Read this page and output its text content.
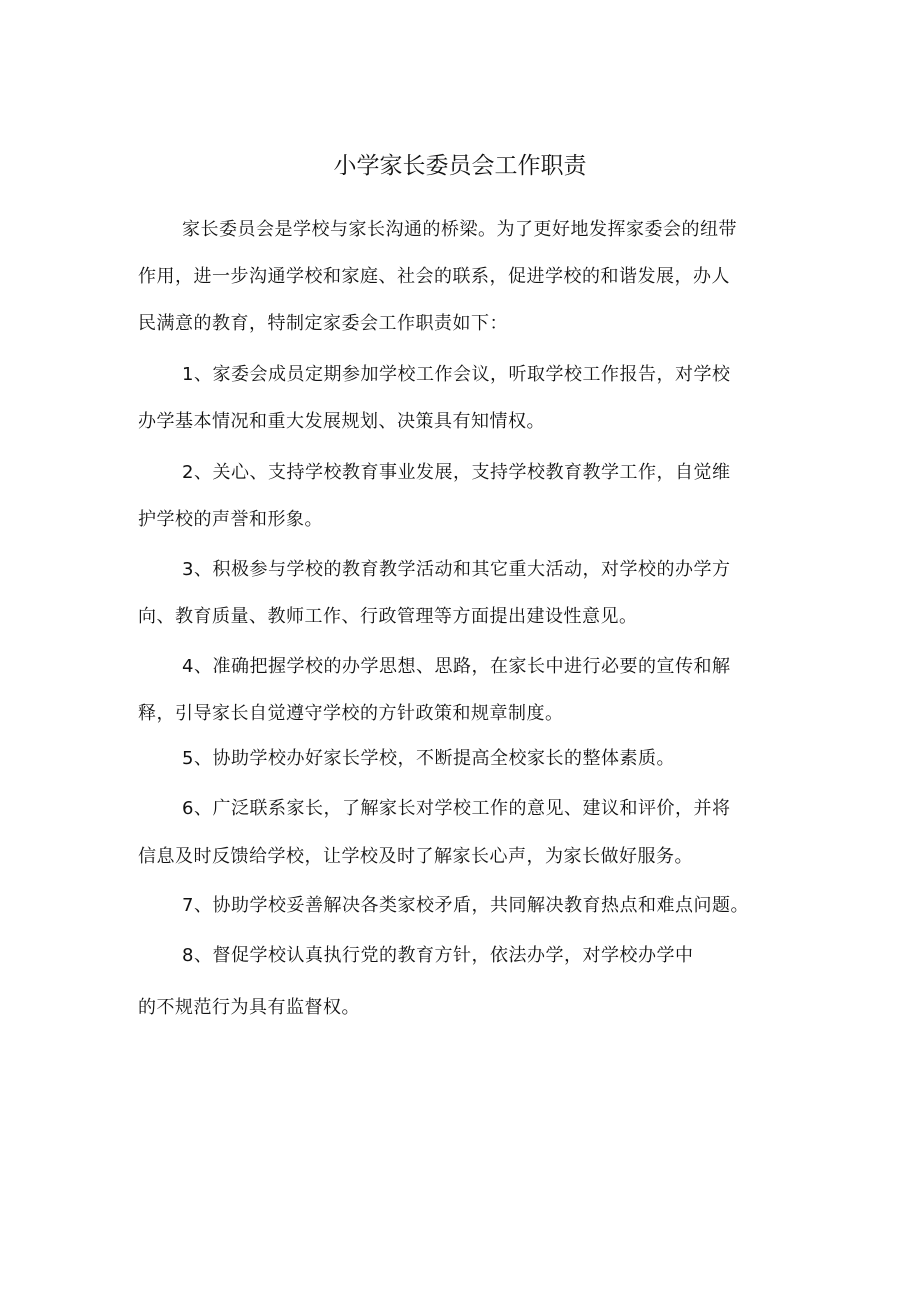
小学家长委员会工作职责

家长委员会是学校与家长沟通的桥梁。为了更好地发挥家委会的纽带

作用，进一步沟通学校和家庭、社会的联系，促进学校的和谐发展，办人

民满意的教育，特制定家委会工作职责如下：

1、家委会成员定期参加学校工作会议，听取学校工作报告，对学校

办学基本情况和重大发展规划、决策具有知情权。

2、关心、支持学校教育事业发展，支持学校教育教学工作，自觉维

护学校的声誉和形象。

3、积极参与学校的教育教学活动和其它重大活动，对学校的办学方

向、教育质量、教师工作、行政管理等方面提出建设性意见。

4、准确把握学校的办学思想、思路，在家长中进行必要的宣传和解

释，引导家长自觉遵守学校的方针政策和规章制度。

5、协助学校办好家长学校，不断提高全校家长的整体素质。

6、广泛联系家长，了解家长对学校工作的意见、建议和评价，并将

信息及时反馈给学校，让学校及时了解家长心声，为家长做好服务。

7、协助学校妥善解决各类家校矛盾，共同解决教育热点和难点问题。

8、督促学校认真执行党的教育方针，依法办学，对学校办学中

的不规范行为具有监督权。
